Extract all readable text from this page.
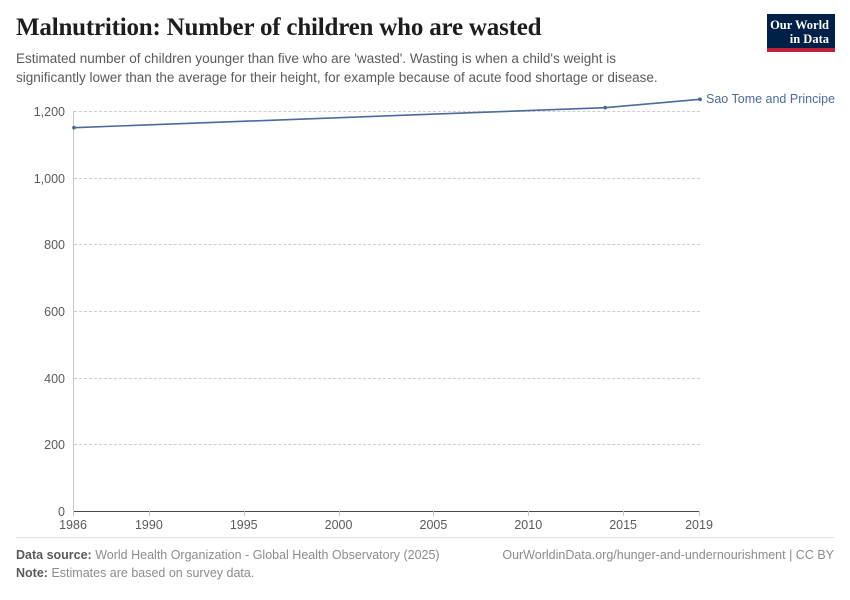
Malnutrition: Number of children who are wasted

Estimated number of children younger than five who are 'wasted'. Wasting is when a child's weight is significantly lower than the average for their height, for example because of acute food shortage or disease.

Our World
in Data
0
200
400
600
800
1,000
1,200
Sao Tome and Principe
1986	1990	1995	2000	2005	2010	2015	2019
Data source: World Health Organization - Global Health Observatory (2025)	OurWorldinData.org/hunger-and-undernourishment | CC BY
Note: Estimates are based on survey data.
